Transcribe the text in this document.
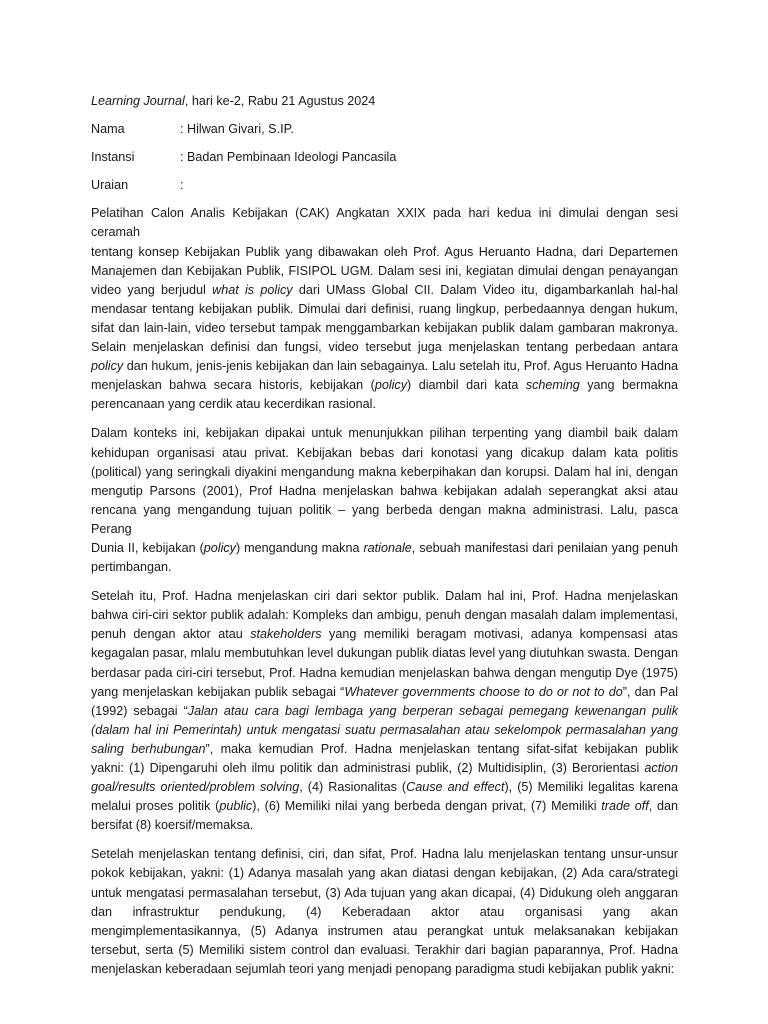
Learning Journal, hari ke-2, Rabu 21 Agustus 2024

Nama	: Hilwan Givari, S.IP.
Instansi	: Badan Pembinaan Ideologi Pancasila
Uraian	:

Pelatihan Calon Analis Kebijakan (CAK) Angkatan XXIX pada hari kedua ini dimulai dengan sesi ceramah
tentang konsep Kebijakan Publik yang dibawakan oleh Prof. Agus Heruanto Hadna, dari Departemen
Manajemen dan Kebijakan Publik, FISIPOL UGM. Dalam sesi ini, kegiatan dimulai dengan penayangan
video yang berjudul what is policy dari UMass Global CII. Dalam Video itu, digambarkanlah hal-hal
mendasar tentang kebijakan publik. Dimulai dari definisi, ruang lingkup, perbedaannya dengan hukum,
sifat dan lain-lain, video tersebut tampak menggambarkan kebijakan publik dalam gambaran makronya.
Selain menjelaskan definisi dan fungsi, video tersebut juga menjelaskan tentang perbedaan antara
policy dan hukum, jenis-jenis kebijakan dan lain sebagainya. Lalu setelah itu, Prof. Agus Heruanto Hadna
menjelaskan bahwa secara historis, kebijakan (policy) diambil dari kata scheming yang bermakna
perencanaan yang cerdik atau kecerdikan rasional.

Dalam konteks ini, kebijakan dipakai untuk menunjukkan pilihan terpenting yang diambil baik dalam
kehidupan organisasi atau privat. Kebijakan bebas dari konotasi yang dicakup dalam kata politis
(political) yang seringkali diyakini mengandung makna keberpihakan dan korupsi. Dalam hal ini, dengan
mengutip Parsons (2001), Prof Hadna menjelaskan bahwa kebijakan adalah seperangkat aksi atau
rencana yang mengandung tujuan politik – yang berbeda dengan makna administrasi. Lalu, pasca Perang
Dunia II, kebijakan (policy) mengandung makna rationale, sebuah manifestasi dari penilaian yang penuh
pertimbangan.

Setelah itu, Prof. Hadna menjelaskan ciri dari sektor publik. Dalam hal ini, Prof. Hadna menjelaskan
bahwa ciri-ciri sektor publik adalah: Kompleks dan ambigu, penuh dengan masalah dalam implementasi,
penuh dengan aktor atau stakeholders yang memiliki beragam motivasi, adanya kompensasi atas
kegagalan pasar, mlalu membutuhkan level dukungan publik diatas level yang diutuhkan swasta. Dengan
berdasar pada ciri-ciri tersebut, Prof. Hadna kemudian menjelaskan bahwa dengan mengutip Dye (1975)
yang menjelaskan kebijakan publik sebagai “Whatever governments choose to do or not to do”, dan Pal
(1992) sebagai “Jalan atau cara bagi lembaga yang berperan sebagai pemegang kewenangan pulik
(dalam hal ini Pemerintah) untuk mengatasi suatu permasalahan atau sekelompok permasalahan yang
saling berhubungan”, maka kemudian Prof. Hadna menjelaskan tentang sifat-sifat kebijakan publik
yakni: (1) Dipengaruhi oleh ilmu politik dan administrasi publik, (2) Multidisiplin, (3) Berorientasi action
goal/results oriented/problem solving, (4) Rasionalitas (Cause and effect), (5) Memiliki legalitas karena
melalui proses politik (public), (6) Memiliki nilai yang berbeda dengan privat, (7) Memiliki trade off, dan
bersifat (8) koersif/memaksa.

Setelah menjelaskan tentang definisi, ciri, dan sifat, Prof. Hadna lalu menjelaskan tentang unsur-unsur
pokok kebijakan, yakni: (1) Adanya masalah yang akan diatasi dengan kebijakan, (2) Ada cara/strategi
untuk mengatasi permasalahan tersebut, (3) Ada tujuan yang akan dicapai, (4) Didukung oleh anggaran
dan infrastruktur pendukung, (4) Keberadaan aktor atau organisasi yang akan
mengimplementasikannya, (5) Adanya instrumen atau perangkat untuk melaksanakan kebijakan
tersebut, serta (5) Memiliki sistem control dan evaluasi. Terakhir dari bagian paparannya, Prof. Hadna
menjelaskan keberadaan sejumlah teori yang menjadi penopang paradigma studi kebijakan publik yakni:
